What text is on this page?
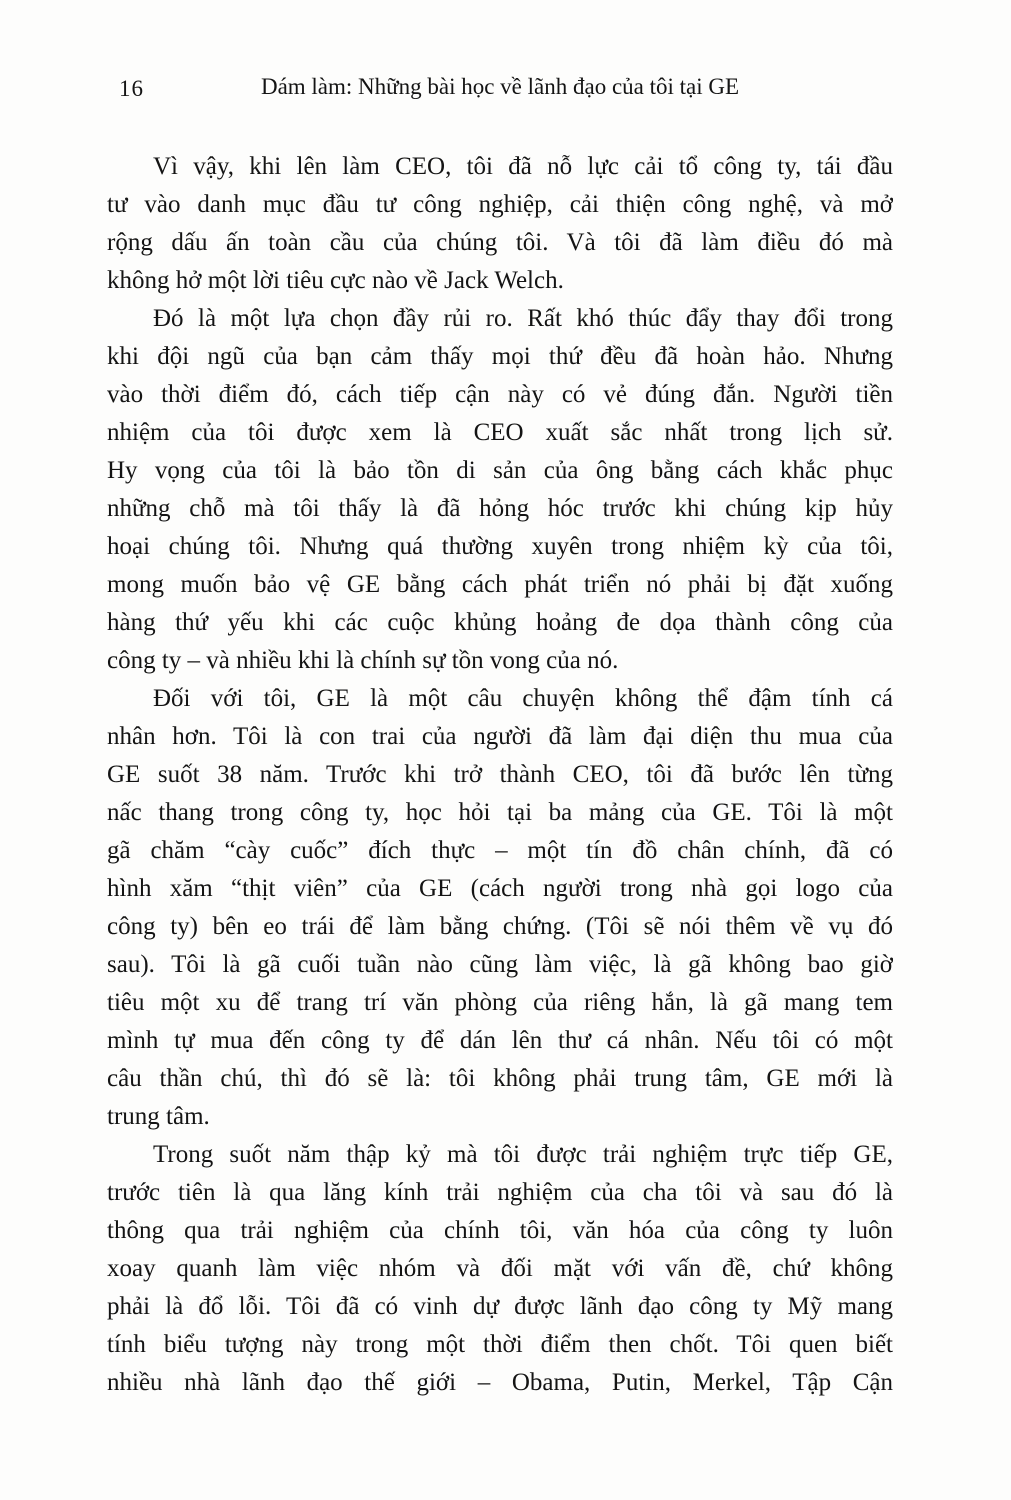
16	Dám làm: Những bài học về lãnh đạo của tôi tại GE
Vì vậy, khi lên làm CEO, tôi đã nỗ lực cải tổ công ty, tái đầu
tư vào danh mục đầu tư công nghiệp, cải thiện công nghệ, và mở
rộng dấu ấn toàn cầu của chúng tôi. Và tôi đã làm điều đó mà
không hở một lời tiêu cực nào về Jack Welch.
Đó là một lựa chọn đầy rủi ro. Rất khó thúc đẩy thay đổi trong
khi đội ngũ của bạn cảm thấy mọi thứ đều đã hoàn hảo. Nhưng
vào thời điểm đó, cách tiếp cận này có vẻ đúng đắn. Người tiền
nhiệm của tôi được xem là CEO xuất sắc nhất trong lịch sử.
Hy vọng của tôi là bảo tồn di sản của ông bằng cách khắc phục
những chỗ mà tôi thấy là đã hỏng hóc trước khi chúng kịp hủy
hoại chúng tôi. Nhưng quá thường xuyên trong nhiệm kỳ của tôi,
mong muốn bảo vệ GE bằng cách phát triển nó phải bị đặt xuống
hàng thứ yếu khi các cuộc khủng hoảng đe dọa thành công của
công ty – và nhiều khi là chính sự tồn vong của nó.
Đối với tôi, GE là một câu chuyện không thể đậm tính cá
nhân hơn. Tôi là con trai của người đã làm đại diện thu mua của
GE suốt 38 năm. Trước khi trở thành CEO, tôi đã bước lên từng
nấc thang trong công ty, học hỏi tại ba mảng của GE. Tôi là một
gã chăm “cày cuốc” đích thực – một tín đồ chân chính, đã có
hình xăm “thịt viên” của GE (cách người trong nhà gọi logo của
công ty) bên eo trái để làm bằng chứng. (Tôi sẽ nói thêm về vụ đó
sau). Tôi là gã cuối tuần nào cũng làm việc, là gã không bao giờ
tiêu một xu để trang trí văn phòng của riêng hắn, là gã mang tem
mình tự mua đến công ty để dán lên thư cá nhân. Nếu tôi có một
câu thần chú, thì đó sẽ là: tôi không phải trung tâm, GE mới là
trung tâm.
Trong suốt năm thập kỷ mà tôi được trải nghiệm trực tiếp GE,
trước tiên là qua lăng kính trải nghiệm của cha tôi và sau đó là
thông qua trải nghiệm của chính tôi, văn hóa của công ty luôn
xoay quanh làm việc nhóm và đối mặt với vấn đề, chứ không
phải là đổ lỗi. Tôi đã có vinh dự được lãnh đạo công ty Mỹ mang
tính biểu tượng này trong một thời điểm then chốt. Tôi quen biết
nhiều nhà lãnh đạo thế giới – Obama, Putin, Merkel, Tập Cận
